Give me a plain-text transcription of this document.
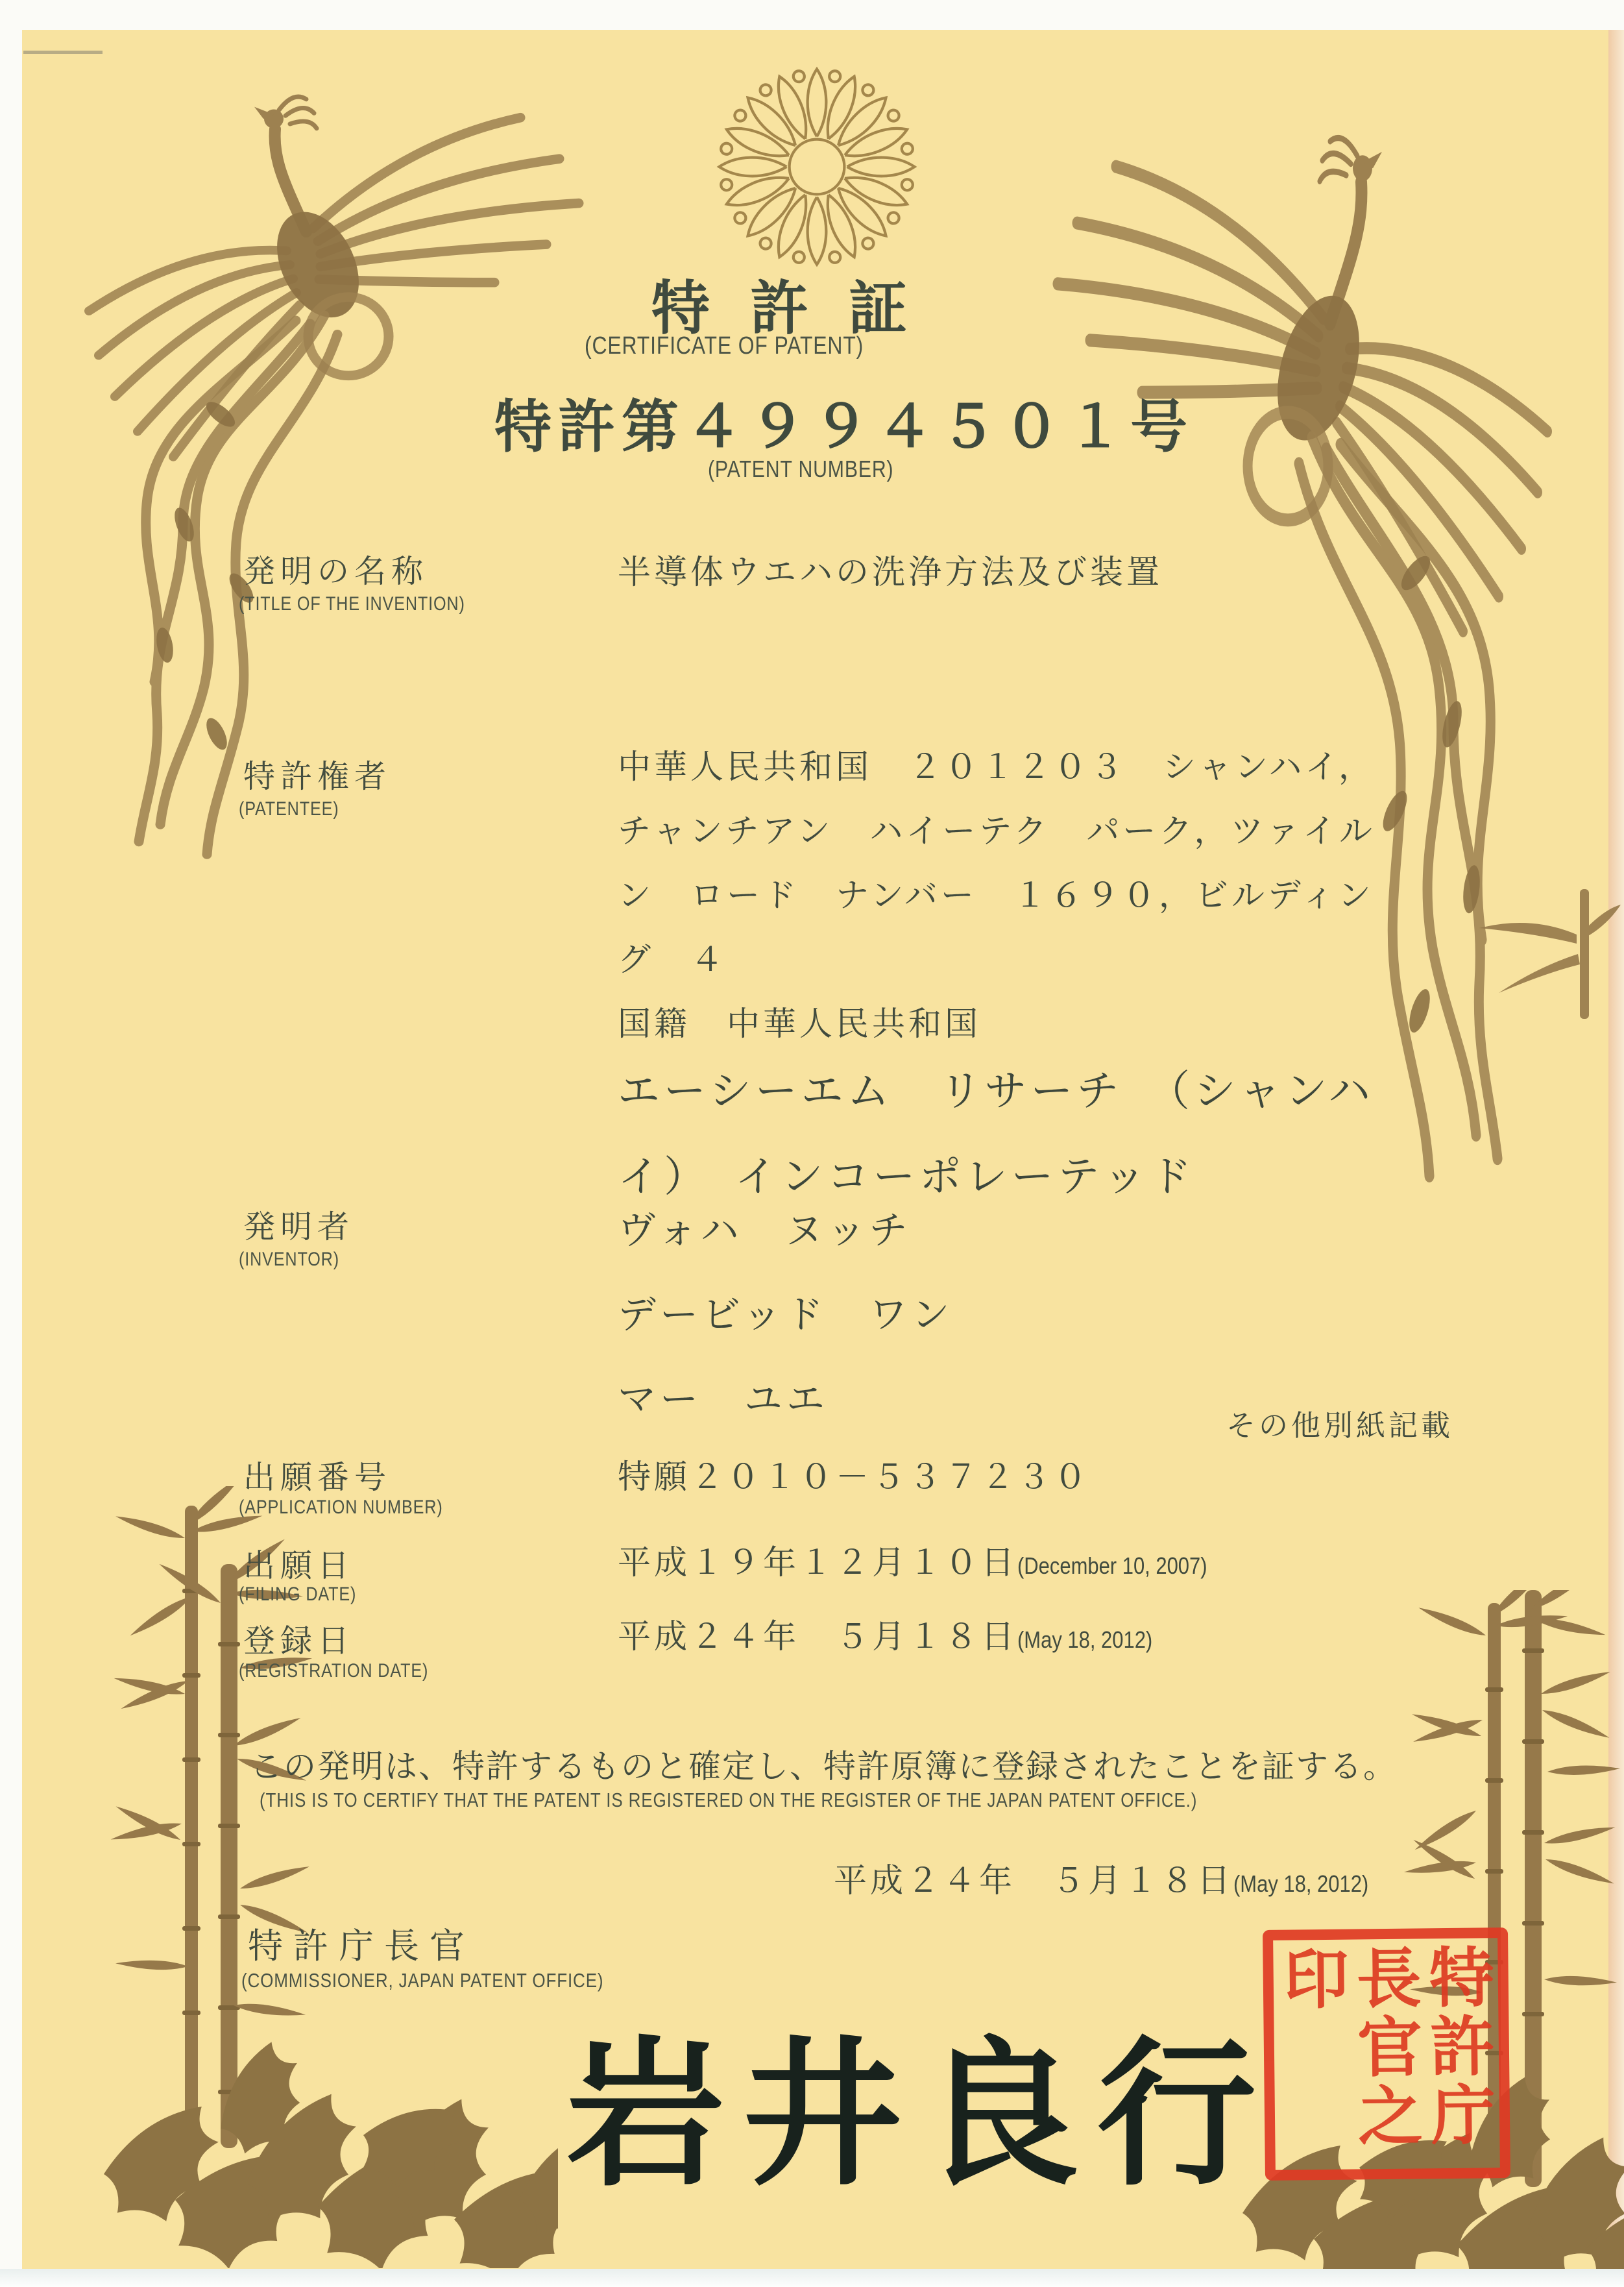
特許証
(CERTIFICATE OF PATENT)
特許第４９９４５０１号
(PATENT NUMBER)
発明の名称
(TITLE OF THE INVENTION)
半導体ウエハの洗浄方法及び装置
特許権者
(PATENTEE)
中華人民共和国　２０１２０３　シャンハイ，
チャンチアン　ハイーテク　パーク，ツァイル
ン　ロード　ナンバー　１６９０，ビルディン
グ　４
国籍　中華人民共和国
エーシーエム　リサーチ　（シャンハ
イ）　インコーポレーテッド
発明者
(INVENTOR)
ヴォハ　ヌッチ
デービッド　ワン
マー　ユエ
その他別紙記載
出願番号
(APPLICATION NUMBER)
特願２０１０－５３７２３０
出願日
(FILING DATE)
平成１９年１２月１０日(December 10, 2007)
登録日
(REGISTRATION DATE)
平成２４年　５月１８日(May 18, 2012)
この発明は、特許するものと確定し、特許原簿に登録されたことを証する。
(THIS IS TO CERTIFY THAT THE PATENT IS REGISTERED ON THE REGISTER OF THE JAPAN PATENT OFFICE.)
平成２４年　５月１８日(May 18, 2012)
特許庁長官
(COMMISSIONER, JAPAN PATENT OFFICE)
岩井良行	特許庁長官之印
